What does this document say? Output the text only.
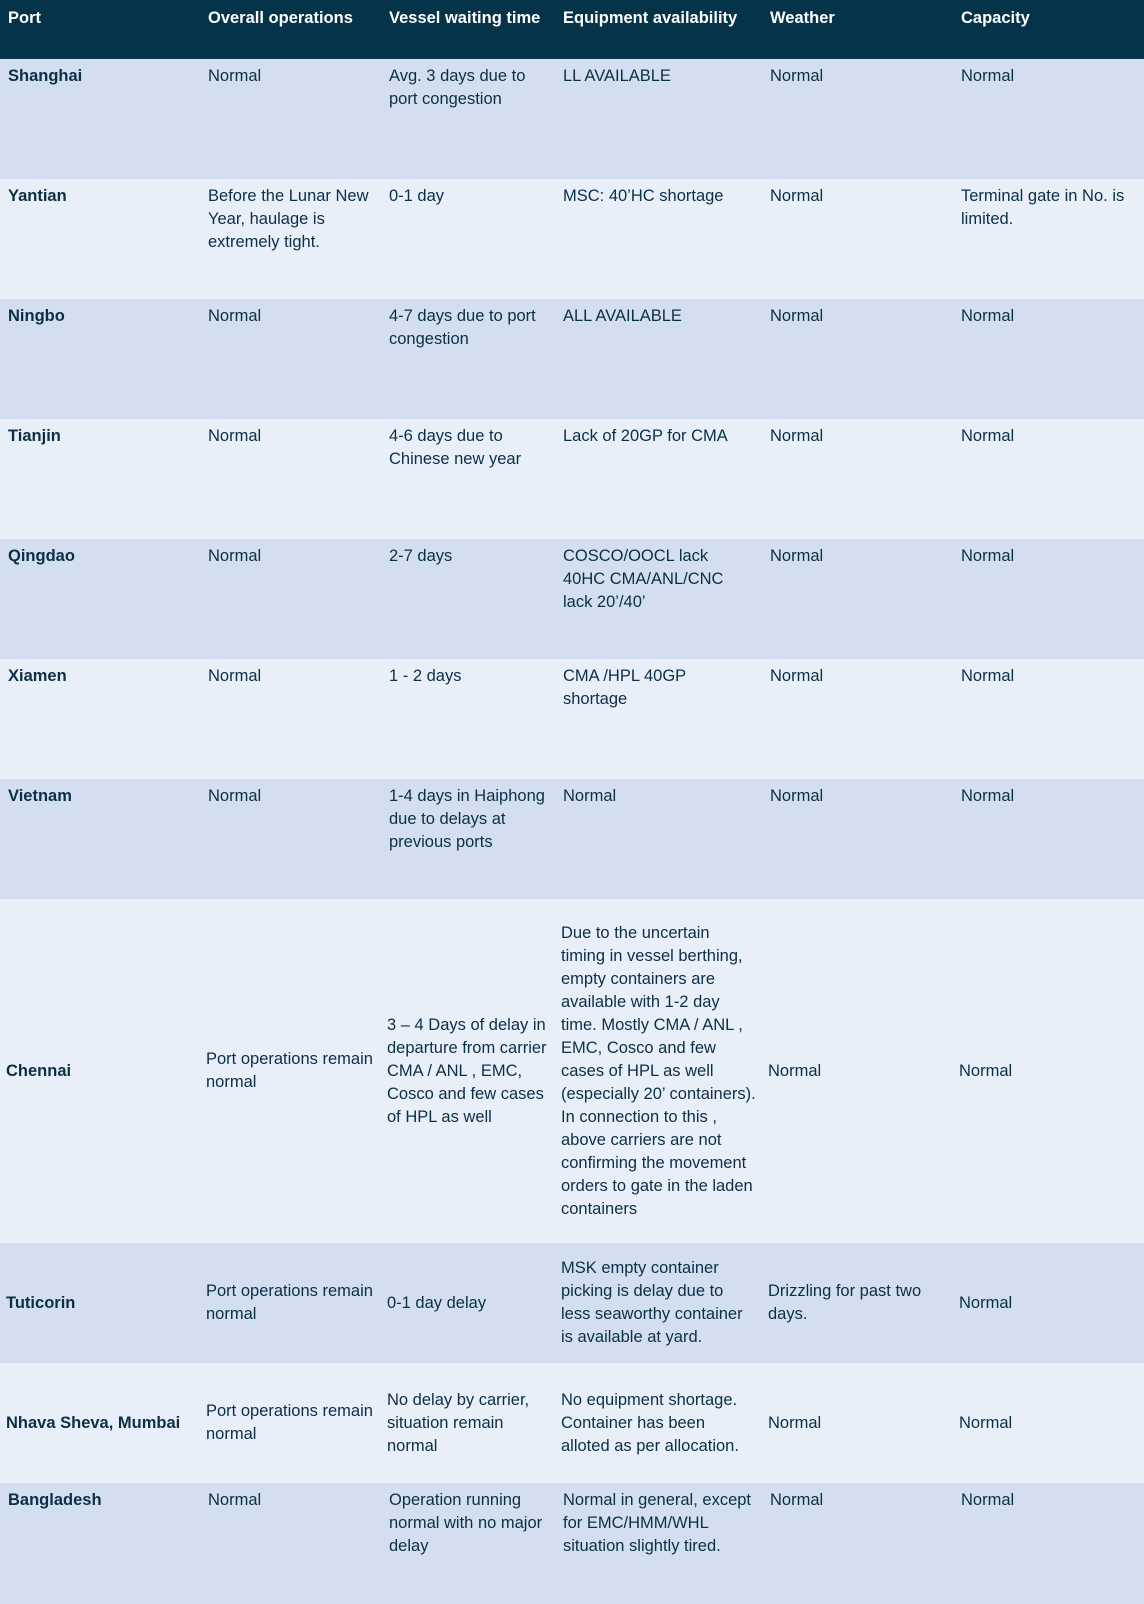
Port	Overall operations	Vessel waiting time	Equipment availability	Weather	Capacity
Shanghai	Normal	Avg. 3 days due to port congestion	LL AVAILABLE	Normal	Normal
Yantian	Before the Lunar New Year, haulage is extremely tight.	0-1 day	MSC: 40’HC shortage	Normal	Terminal gate in No. is limited.
Ningbo	Normal	4-7 days due to port congestion	ALL AVAILABLE	Normal	Normal
Tianjin	Normal	4-6 days due to Chinese new year	Lack of 20GP for CMA	Normal	Normal
Qingdao	Normal	2-7 days	COSCO/OOCL lack 40HC CMA/ANL/CNC lack 20’/40’	Normal	Normal
Xiamen	Normal	1 - 2 days	CMA /HPL 40GP shortage	Normal	Normal
Vietnam	Normal	1-4 days in Haiphong due to delays at previous ports	Normal	Normal	Normal
Chennai	Port operations remain normal	3 – 4 Days of delay in departure from carrier CMA / ANL , EMC, Cosco and few cases of HPL as well	Due to the uncertain timing in vessel berthing, empty containers are available with 1-2 day time. Mostly CMA / ANL , EMC, Cosco and few cases of HPL as well (especially 20’ containers). In connection to this , above carriers are not confirming the movement orders to gate in the laden containers	Normal	Normal
Tuticorin	Port operations remain normal	0-1 day delay	MSK empty container picking is delay due to less seaworthy container is available at yard.	Drizzling for past two days.	Normal
Nhava Sheva, Mumbai	Port operations remain normal	No delay by carrier, situation remain normal	No equipment shortage. Container has been alloted as per allocation.	Normal	Normal
Bangladesh	Normal	Operation running normal with no major delay	Normal in general, except for EMC/HMM/WHL situation slightly tired.	Normal	Normal
